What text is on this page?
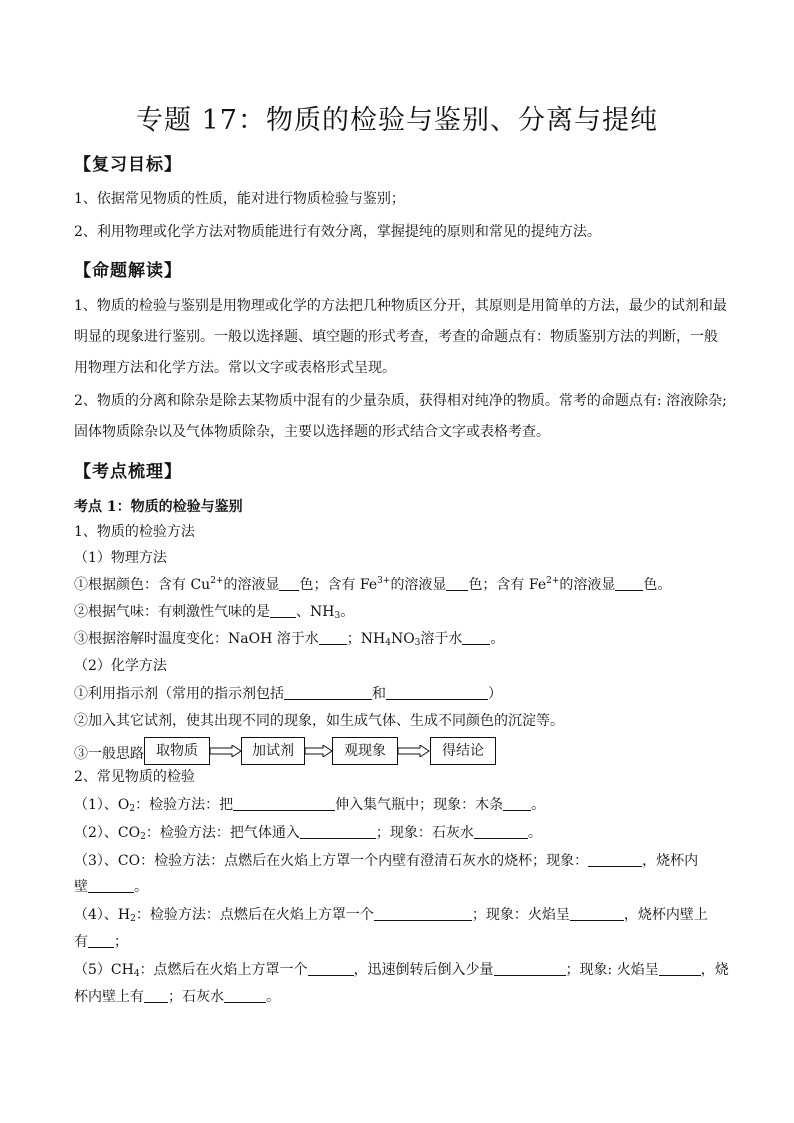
专题 17：物质的检验与鉴别、分离与提纯
【复习目标】
1、依据常见物质的性质，能对进行物质检验与鉴别；
2、利用物理或化学方法对物质能进行有效分离，掌握提纯的原则和常见的提纯方法。
【命题解读】
1、物质的检验与鉴别是用物理或化学的方法把几种物质区分开，其原则是用简单的方法，最少的试剂和最
明显的现象进行鉴别。一般以选择题、填空题的形式考查，考查的命题点有：物质鉴别方法的判断，一般
用物理方法和化学方法。常以文字或表格形式呈现。
2、物质的分离和除杂是除去某物质中混有的少量杂质，获得相对纯净的物质。常考的命题点有: 溶液除杂;
固体物质除杂以及气体物质除杂，主要以选择题的形式结合文字或表格考查。
【考点梳理】
考点 1：物质的检验与鉴别
1、物质的检验方法
（1）物理方法
①根据颜色：含有 $Cu^{2+}$的溶液显 色；含有 $Fe^{3+}$的溶液显 色；含有 $Fe^{2+}$的溶液显 色。
②根据气味：有刺激性气味的是 、$NH_3$。
③根据溶解时温度变化：NaOH 溶于水 ；$NH_4NO_3$溶于水 。
（2）化学方法
①利用指示剂（常用的指示剂包括	和	）
②加入其它试剂，使其出现不同的现象，如生成气体、生成不同颜色的沉淀等。
③一般思路 取物质	加试剂	观现象	得结论
2、常见物质的检验
（1）、$O_2$：检验方法：把	伸入集气瓶中；现象：木条 。
（2）、$CO_2$：检验方法：把气体通入	；现象：石灰水	。
（3）、CO：检验方法：点燃后在火焰上方罩一个内壁有澄清石灰水的烧杯；现象：	，烧杯内
壁	。
（4）、$H_2$：检验方法：点燃后在火焰上方罩一个	；现象：火焰呈	，烧杯内壁上
有 ；
$(5)CH_4$：点燃后在火焰上方罩一个	，迅速倒转后倒入少量	；现象: 火焰呈	，烧
杯内壁上有 ；石灰水	。
